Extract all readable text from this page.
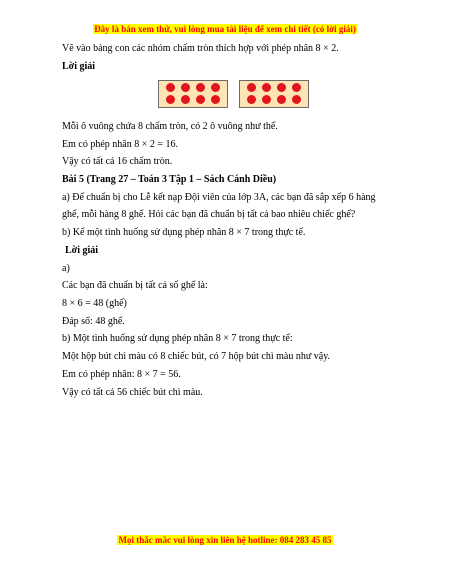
Đây là bản xem thử, vui lòng mua tài liệu để xem chi tiết (có lời giải)
Vẽ vào bảng con các nhóm chấm tròn thích hợp với phép nhân 8 × 2.
Lời giải
Mỗi ô vuông chứa 8 chấm tròn, có 2 ô vuông như thế.
Em có phép nhân 8 × 2 = 16.
Vậy có tất cả 16 chấm tròn.
Bài 5 (Trang 27 – Toán 3 Tập 1 – Sách Cánh Diều)
a) Để chuẩn bị cho Lễ kết nạp Đội viên của lớp 3A, các bạn đã sắp xếp 6 hàng
ghế, mỗi hàng 8 ghế. Hỏi các bạn đã chuẩn bị tất cả bao nhiêu chiếc ghế?
b) Kể một tình huống sử dụng phép nhân 8 × 7 trong thực tế.
Lời giải
a)
Các bạn đã chuẩn bị tất cả số ghế là:
8 × 6 = 48 (ghế)
Đáp số: 48 ghế.
b) Một tình huống sử dụng phép nhân 8 × 7 trong thực tế:
Một hộp bút chì màu có 8 chiếc bút, có 7 hộp bút chì màu như vậy.
Em có phép nhân: 8 × 7 = 56.
Vậy có tất cả 56 chiếc bút chì màu.
Mọi thắc mắc vui lòng xin liên hệ hotline: 084 283 45 85
